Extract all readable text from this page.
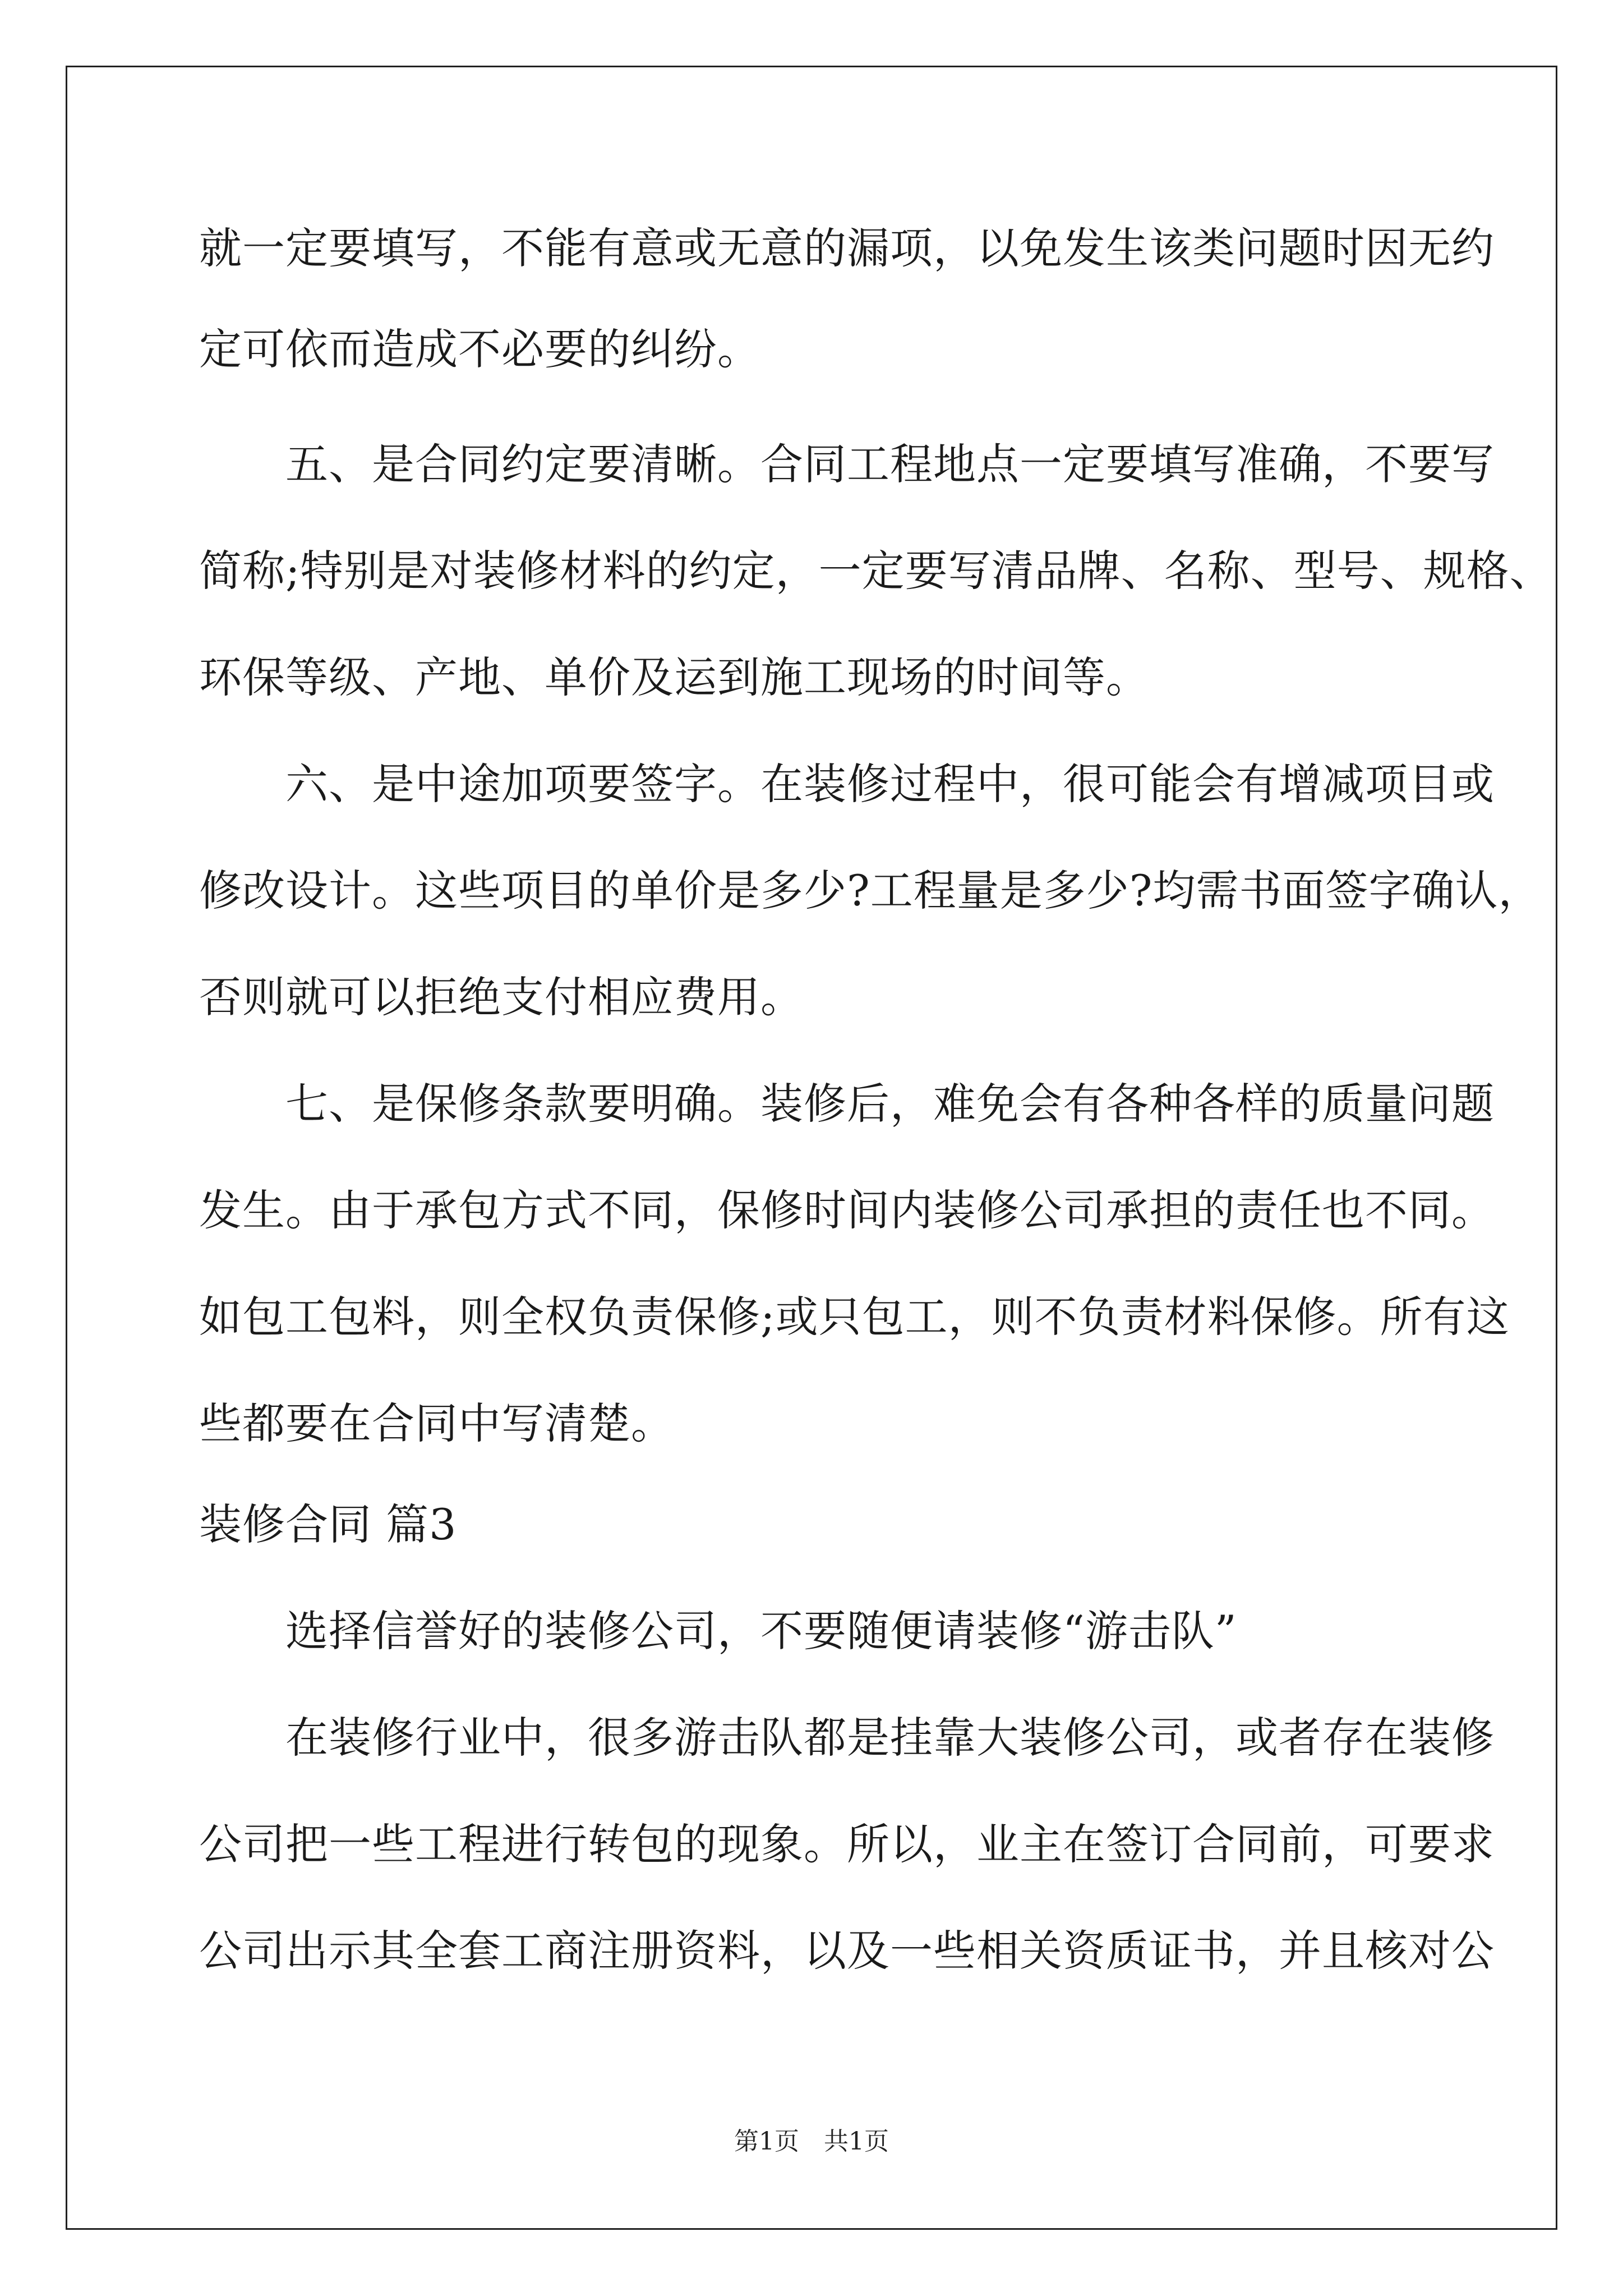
就一定要填写，不能有意或无意的漏项，以免发生该类问题时因无约
定可依而造成不必要的纠纷。
　　五、是合同约定要清晰。合同工程地点一定要填写准确，不要写
简称;特别是对装修材料的约定，一定要写清品牌、名称、型号、规格、
环保等级、产地、单价及运到施工现场的时间等。
　　六、是中途加项要签字。在装修过程中，很可能会有增减项目或
修改设计。这些项目的单价是多少?工程量是多少?均需书面签字确认，
否则就可以拒绝支付相应费用。
　　七、是保修条款要明确。装修后，难免会有各种各样的质量问题
发生。由于承包方式不同，保修时间内装修公司承担的责任也不同。
如包工包料，则全权负责保修;或只包工，则不负责材料保修。所有这
些都要在合同中写清楚。
装修合同 篇3
　　选择信誉好的装修公司，不要随便请装修“游击队”
　　在装修行业中，很多游击队都是挂靠大装修公司，或者存在装修
公司把一些工程进行转包的现象。所以，业主在签订合同前，可要求
公司出示其全套工商注册资料，以及一些相关资质证书，并且核对公
第1页　共1页
